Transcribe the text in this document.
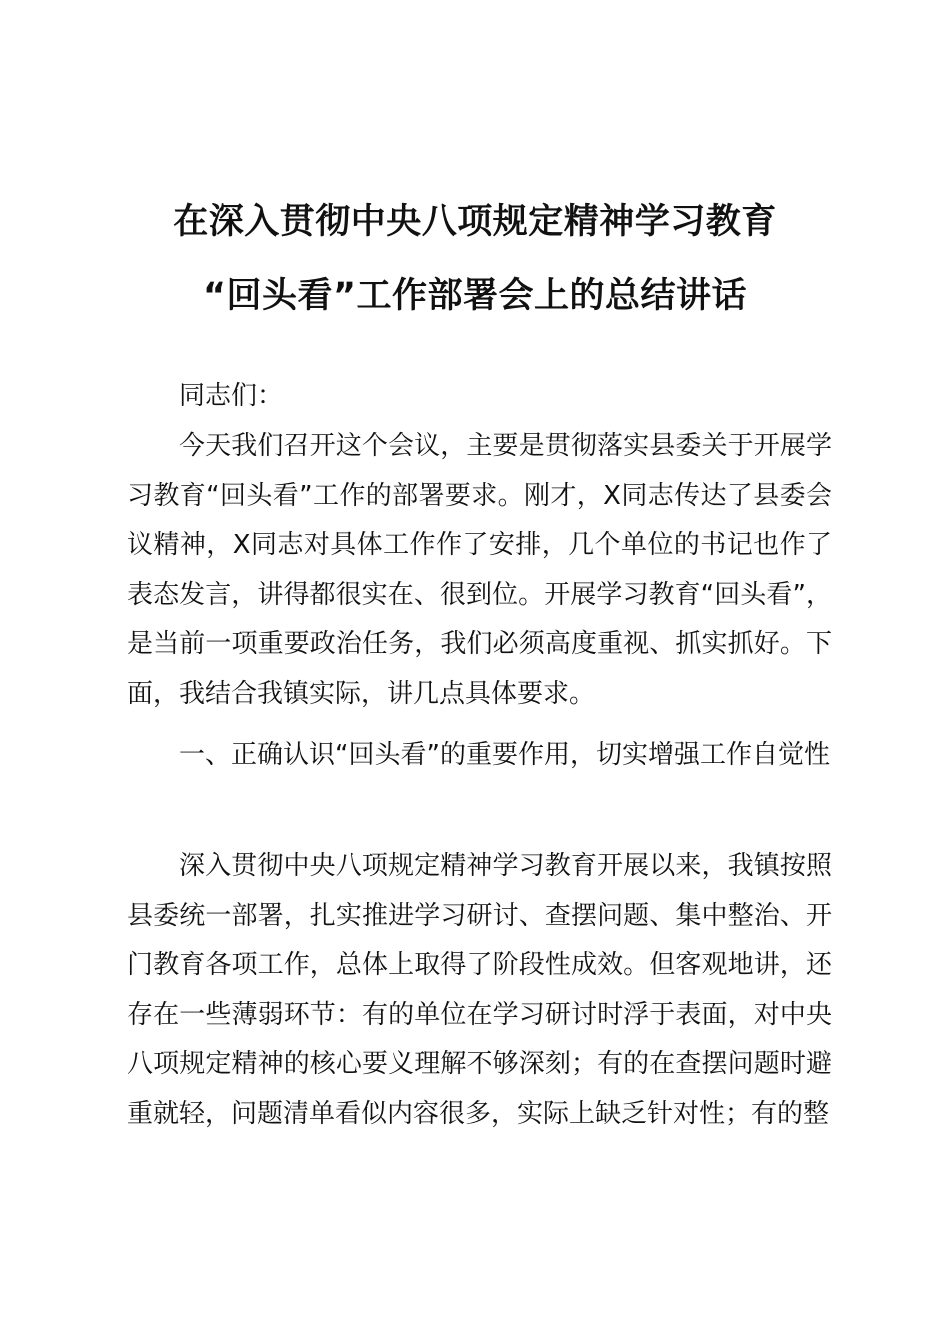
在深入贯彻中央八项规定精神学习教育
“回头看”工作部署会上的总结讲话
同志们：
今天我们召开这个会议，主要是贯彻落实县委关于开展学习教育“回头看”工作的部署要求。刚才，X同志传达了县委会议精神，X同志对具体工作作了安排，几个单位的书记也作了表态发言，讲得都很实在、很到位。开展学习教育“回头看”，是当前一项重要政治任务，我们必须高度重视、抓实抓好。下面，我结合我镇实际，讲几点具体要求。
一、正确认识“回头看”的重要作用，切实增强工作自觉性
深入贯彻中央八项规定精神学习教育开展以来，我镇按照县委统一部署，扎实推进学习研讨、查摆问题、集中整治、开门教育各项工作，总体上取得了阶段性成效。但客观地讲，还存在一些薄弱环节：有的单位在学习研讨时浮于表面，对中央八项规定精神的核心要义理解不够深刻；有的在查摆问题时避重就轻，问题清单看似内容很多，实际上缺乏针对性；有的整
